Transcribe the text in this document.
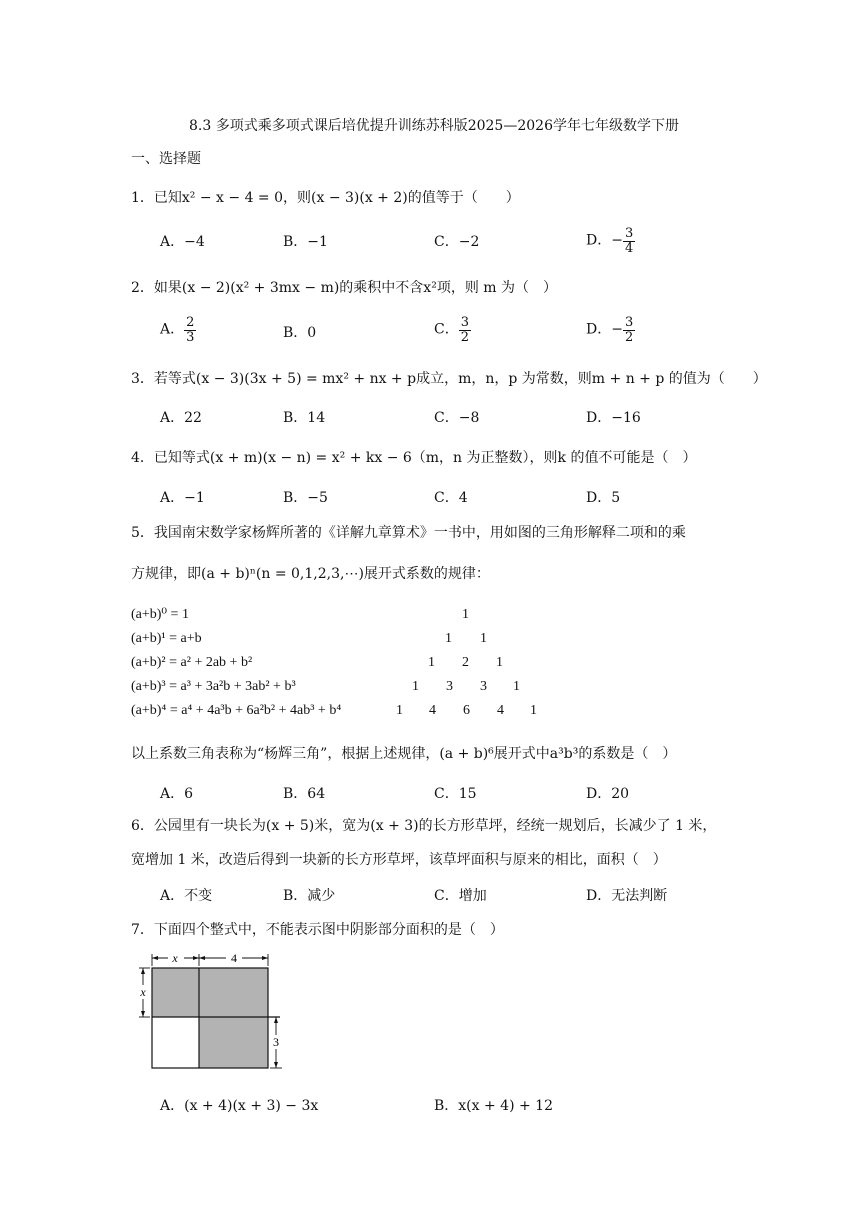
8.3 多项式乘多项式课后培优提升训练苏科版2025—2026学年七年级数学下册
一、选择题
1．已知x² − x − 4 = 0，则(x − 3)(x + 2)的值等于（　　）
A．−4	B．−1	C．−2	D．− $\frac{3}{4}$
2．如果(x − 2)(x² + 3mx − m)的乘积中不含x²项，则 m 为（　）
A． $\frac{2}{3}$	B．0	C． $\frac{3}{2}$	D．− $\frac{3}{2}$
3．若等式(x − 3)(3x + 5) = mx² + nx + p成立，m，n，p 为常数，则m + n + p 的值为（　　）
A．22	B．14	C．−8	D．−16
4．已知等式(x + m)(x − n) = x² + kx − 6（m，n 为正整数），则k 的值不可能是（　）
A．−1	B．−5	C．4	D．5
5．我国南宋数学家杨辉所著的《详解九章算术》一书中，用如图的三角形解释二项和的乘
方规律，即(a + b)ⁿ(n = 0,1,2,3,⋯)展开式系数的规律：
(a+b)⁰ = 1
(a+b)¹ = a+b
(a+b)² = a² + 2ab + b²
(a+b)³ = a³ + 3a²b + 3ab² + b³
(a+b)⁴ = a⁴ + 4a³b + 6a²b² + 4ab³ + b⁴
1
1 1
1 2 1
1 3 3 1
1 4 6 4 1
以上系数三角表称为“杨辉三角”，根据上述规律，(a + b)⁶展开式中a³b³的系数是（　）
A．6	B．64	C．15	D．20
6．公园里有一块长为(x + 5)米，宽为(x + 3)的长方形草坪，经统一规划后，长减少了 1 米，
宽增加 1 米，改造后得到一块新的长方形草坪，该草坪面积与原来的相比，面积（　）
A．不变	B．减少	C．增加	D．无法判断
7．下面四个整式中，不能表示图中阴影部分面积的是（　）
x	4
x
3
A．(x + 4)(x + 3) − 3x	B．x(x + 4) + 12
